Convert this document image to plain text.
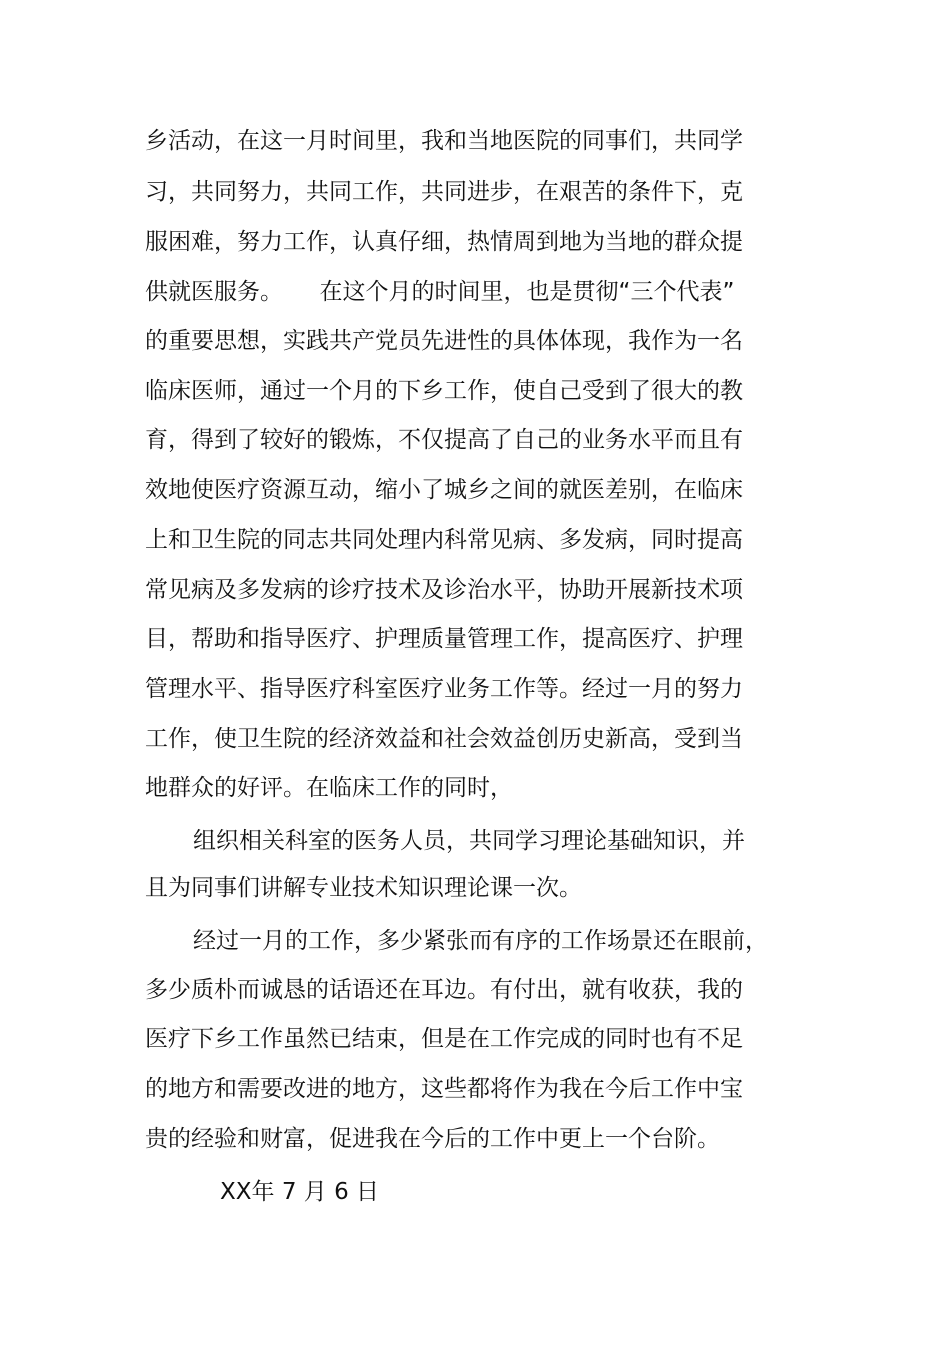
乡活动，在这一月时间里，我和当地医院的同事们，共同学
习，共同努力，共同工作，共同进步，在艰苦的条件下，克
服困难，努力工作，认真仔细，热情周到地为当地的群众提
供就医服务。     在这个月的时间里，也是贯彻“三个代表”
的重要思想，实践共产党员先进性的具体体现，我作为一名
临床医师，通过一个月的下乡工作，使自己受到了很大的教
育，得到了较好的锻炼，不仅提高了自己的业务水平而且有
效地使医疗资源互动，缩小了城乡之间的就医差别，在临床
上和卫生院的同志共同处理内科常见病、多发病，同时提高
常见病及多发病的诊疗技术及诊治水平，协助开展新技术项
目，帮助和指导医疗、护理质量管理工作，提高医疗、护理
管理水平、指导医疗科室医疗业务工作等。经过一月的努力
工作，使卫生院的经济效益和社会效益创历史新高，受到当
地群众的好评。在临床工作的同时，
组织相关科室的医务人员，共同学习理论基础知识，并
且为同事们讲解专业技术知识理论课一次。
经过一月的工作，多少紧张而有序的工作场景还在眼前，
多少质朴而诚恳的话语还在耳边。有付出，就有收获，我的
医疗下乡工作虽然已结束，但是在工作完成的同时也有不足
的地方和需要改进的地方，这些都将作为我在今后工作中宝
贵的经验和财富，促进我在今后的工作中更上一个台阶。
XX年 7 月 6 日
